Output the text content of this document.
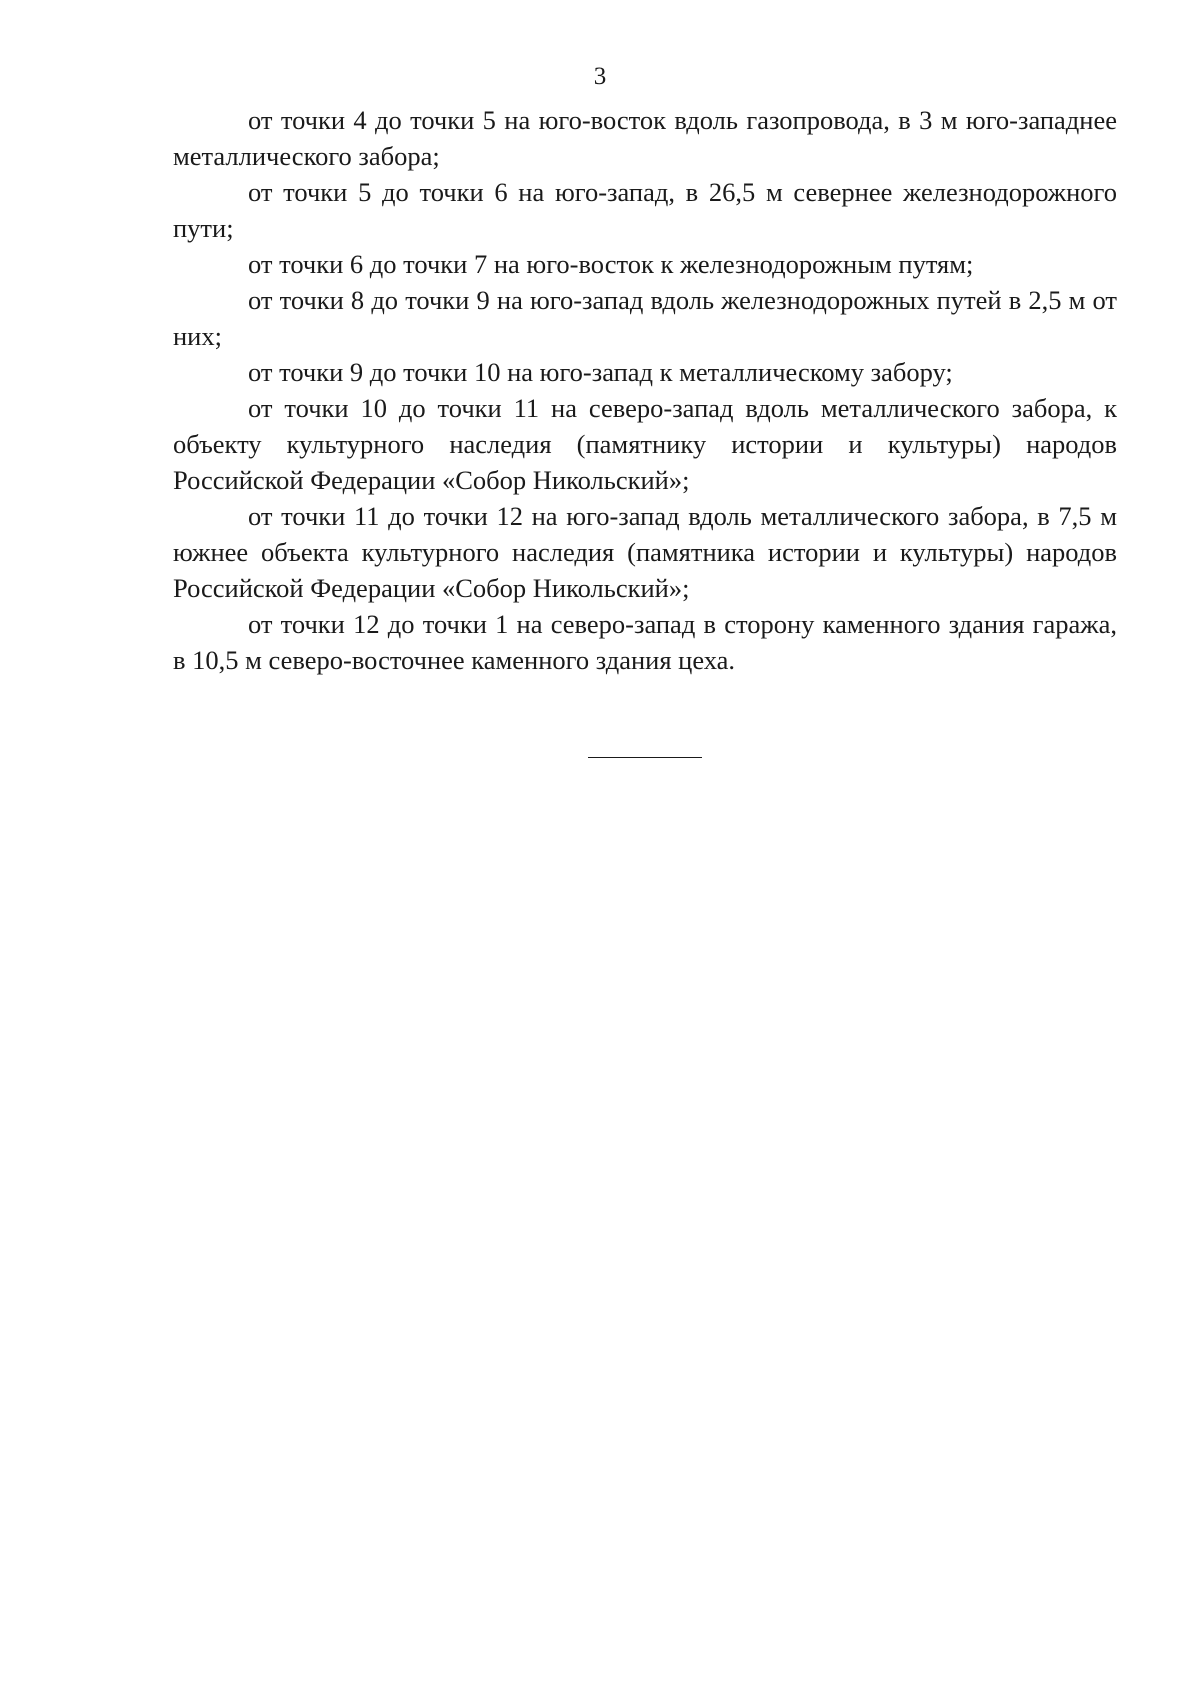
3

от точки 4 до точки 5 на юго-восток вдоль газопровода, в 3 м юго-западнее металлического забора;

от точки 5 до точки 6 на юго-запад, в 26,5 м севернее железнодорожного пути;

от точки 6 до точки 7 на юго-восток к железнодорожным путям;

от точки 8 до точки 9 на юго-запад вдоль железнодорожных путей в 2,5 м от них;

от точки 9 до точки 10 на юго-запад к металлическому забору;

от точки 10 до точки 11 на северо-запад вдоль металлического забора, к объекту культурного наследия (памятнику истории и культуры) народов Российской Федерации «Собор Никольский»;

от точки 11 до точки 12 на юго-запад вдоль металлического забора, в 7,5 м южнее объекта культурного наследия (памятника истории и культуры) народов Российской Федерации «Собор Никольский»;

от точки 12 до точки 1 на северо-запад в сторону каменного здания гаража, в 10,5 м северо-восточнее каменного здания цеха.
